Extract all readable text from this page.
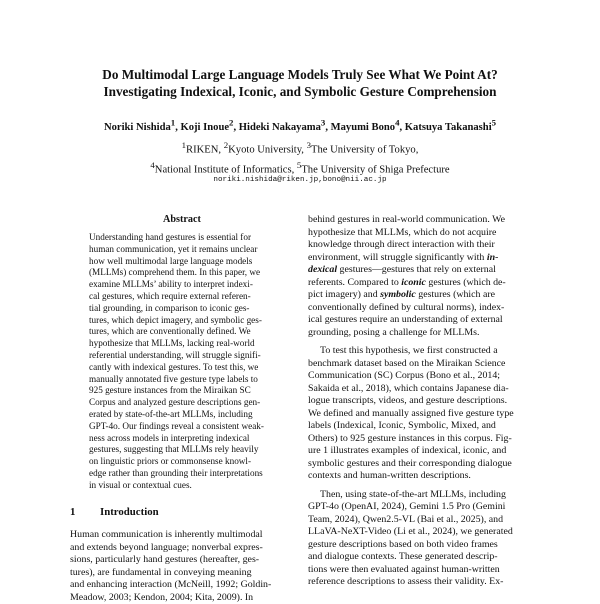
Do Multimodal Large Language Models Truly See What We Point At?
Investigating Indexical, Iconic, and Symbolic Gesture Comprehension
Noriki Nishida$^1$, Koji Inoue$^2$, Hideki Nakayama$^3$, Mayumi Bono$^4$, Katsuya Takanashi$^5$
$^1$RIKEN, $^2$Kyoto University, $^3$The University of Tokyo,
$^4$National Institute of Informatics, $^5$The University of Shiga Prefecture
noriki.nishida@riken.jp,bono@nii.ac.jp
Abstract
Understanding hand gestures is essential for
human communication, yet it remains unclear
how well multimodal large language models
(MLLMs) comprehend them. In this paper, we
examine MLLMs’ ability to interpret indexi-
cal gestures, which require external referen-
tial grounding, in comparison to iconic ges-
tures, which depict imagery, and symbolic ges-
tures, which are conventionally defined. We
hypothesize that MLLMs, lacking real-world
referential understanding, will struggle signifi-
cantly with indexical gestures. To test this, we
manually annotated five gesture type labels to
925 gesture instances from the Miraikan SC
Corpus and analyzed gesture descriptions gen-
erated by state-of-the-art MLLMs, including
GPT-4o. Our findings reveal a consistent weak-
ness across models in interpreting indexical
gestures, suggesting that MLLMs rely heavily
on linguistic priors or commonsense knowl-
edge rather than grounding their interpretations
in visual or contextual cues.
1 Introduction
Human communication is inherently multimodal
and extends beyond language; nonverbal expres-
sions, particularly hand gestures (hereafter, ges-
tures), are fundamental in conveying meaning
and enhancing interaction (McNeill, 1992; Goldin-
Meadow, 2003; Kendon, 2004; Kita, 2009). In
behind gestures in real-world communication. We
hypothesize that MLLMs, which do not acquire
knowledge through direct interaction with their
environment, will struggle significantly with in-
dexical gestures—gestures that rely on external
referents. Compared to iconic gestures (which de-
pict imagery) and symbolic gestures (which are
conventionally defined by cultural norms), index-
ical gestures require an understanding of external
grounding, posing a challenge for MLLMs.
To test this hypothesis, we first constructed a
benchmark dataset based on the Miraikan Science
Communication (SC) Corpus (Bono et al., 2014;
Sakaida et al., 2018), which contains Japanese dia-
logue transcripts, videos, and gesture descriptions.
We defined and manually assigned five gesture type
labels (Indexical, Iconic, Symbolic, Mixed, and
Others) to 925 gesture instances in this corpus. Fig-
ure 1 illustrates examples of indexical, iconic, and
symbolic gestures and their corresponding dialogue
contexts and human-written descriptions.
Then, using state-of-the-art MLLMs, including
GPT-4o (OpenAI, 2024), Gemini 1.5 Pro (Gemini
Team, 2024), Qwen2.5-VL (Bai et al., 2025), and
LLaVA-NeXT-Video (Li et al., 2024), we generated
gesture descriptions based on both video frames
and dialogue contexts. These generated descrip-
tions were then evaluated against human-written
reference descriptions to assess their validity. Ex-
